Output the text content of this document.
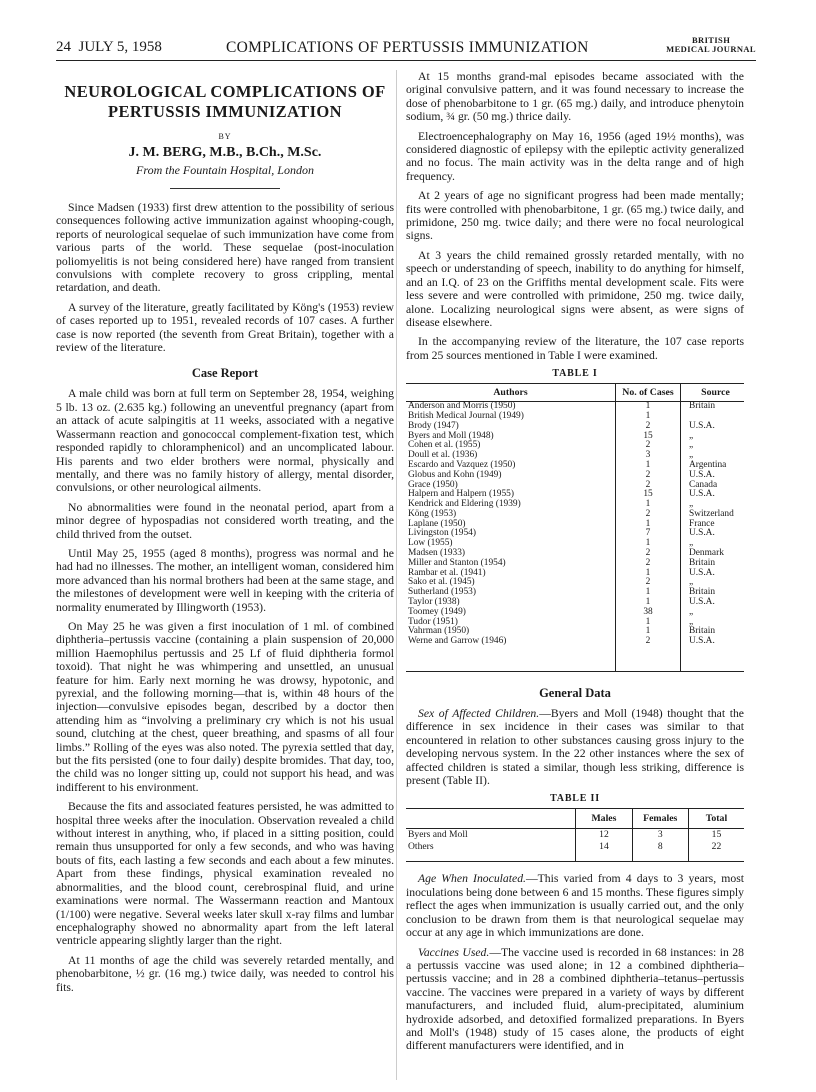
24 JULY 5, 1958	COMPLICATIONS OF PERTUSSIS IMMUNIZATION	BRITISH
MEDICAL JOURNAL
NEUROLOGICAL COMPLICATIONS OF
PERTUSSIS IMMUNIZATION
BY
J. M. BERG, M.B., B.Ch., M.Sc.
From the Fountain Hospital, London

Since Madsen (1933) first drew attention to the possibility of serious consequences following active immunization against whooping-cough, reports of neurological sequelae of such immunization have come from various parts of the world. These sequelae (post-inoculation poliomyelitis is not being considered here) have ranged from transient convulsions with complete recovery to gross crippling, mental retardation, and death.

A survey of the literature, greatly facilitated by Köng's (1953) review of cases reported up to 1951, revealed records of 107 cases. A further case is now reported (the seventh from Great Britain), together with a review of the literature.

Case Report

A male child was born at full term on September 28, 1954, weighing 5 lb. 13 oz. (2.635 kg.) following an uneventful pregnancy (apart from an attack of acute salpingitis at 11 weeks, associated with a negative Wassermann reaction and gonococcal complement-fixation test, which responded rapidly to chloramphenicol) and an uncomplicated labour. His parents and two elder brothers were normal, physically and mentally, and there was no family history of allergy, mental disorder, convulsions, or other neurological ailments.

No abnormalities were found in the neonatal period, apart from a minor degree of hypospadias not considered worth treating, and the child thrived from the outset.

Until May 25, 1955 (aged 8 months), progress was normal and he had had no illnesses. The mother, an intelligent woman, considered him more advanced than his normal brothers had been at the same stage, and the milestones of development were well in keeping with the criteria of normality enumerated by Illingworth (1953).

On May 25 he was given a first inoculation of 1 ml. of combined diphtheria–pertussis vaccine (containing a plain suspension of 20,000 million Haemophilus pertussis and 25 Lf of fluid diphtheria formol toxoid). That night he was whimpering and unsettled, an unusual feature for him. Early next morning he was drowsy, hypotonic, and pyrexial, and the following morning—that is, within 48 hours of the injection—convulsive episodes began, described by a doctor then attending him as “involving a preliminary cry which is not his usual sound, clutching at the chest, queer breathing, and spasms of all four limbs.” Rolling of the eyes was also noted. The pyrexia settled that day, but the fits persisted (one to four daily) despite bromides. That day, too, the child was no longer sitting up, could not support his head, and was indifferent to his environment.

Because the fits and associated features persisted, he was admitted to hospital three weeks after the inoculation. Observation revealed a child without interest in anything, who, if placed in a sitting position, could remain thus unsupported for only a few seconds, and who was having bouts of fits, each lasting a few seconds and each about a few minutes. Apart from these findings, physical examination revealed no abnormalities, and the blood count, cerebrospinal fluid, and urine examinations were normal. The Wassermann reaction and Mantoux (1/100) were negative. Several weeks later skull x-ray films and lumbar encephalography showed no abnormality apart from the left lateral ventricle appearing slightly larger than the right.

At 11 months of age the child was severely retarded mentally, and phenobarbitone, ½ gr. (16 mg.) twice daily, was needed to control his fits.

At 15 months grand-mal episodes became associated with the original convulsive pattern, and it was found necessary to increase the dose of phenobarbitone to 1 gr. (65 mg.) daily, and introduce phenytoin sodium, ¾ gr. (50 mg.) thrice daily.

Electroencephalography on May 16, 1956 (aged 19½ months), was considered diagnostic of epilepsy with the epileptic activity generalized and no focus. The main activity was in the delta range and of high frequency.

At 2 years of age no significant progress had been made mentally; fits were controlled with phenobarbitone, 1 gr. (65 mg.) twice daily, and primidone, 250 mg. twice daily; and there were no focal neurological signs.

At 3 years the child remained grossly retarded mentally, with no speech or understanding of speech, inability to do anything for himself, and an I.Q. of 23 on the Griffiths mental development scale. Fits were less severe and were controlled with primidone, 250 mg. twice daily, alone. Localizing neurological signs were absent, as were signs of disease elsewhere.

In the accompanying review of the literature, the 107 case reports from 25 sources mentioned in Table I were examined.

TABLE I
Authors	No. of Cases	Source
Anderson and Morris (1950)	1	Britain
British Medical Journal (1949)	1	
Brody (1947)	2	U.S.A.
Byers and Moll (1948)	15	„
Cohen et al. (1955)	2	„
Doull et al. (1936)	3	„
Escardo and Vazquez (1950)	1	Argentina
Globus and Kohn (1949)	2	U.S.A.
Grace (1950)	2	Canada
Halpern and Halpern (1955)	15	U.S.A.
Kendrick and Eldering (1939)	1	„
Köng (1953)	2	Switzerland
Laplane (1950)	1	France
Livingston (1954)	7	U.S.A.
Low (1955)	1	„
Madsen (1933)	2	Denmark
Miller and Stanton (1954)	2	Britain
Rambar et al. (1941)	1	U.S.A.
Sako et al. (1945)	2	„
Sutherland (1953)	1	Britain
Taylor (1938)	1	U.S.A.
Toomey (1949)	38	„
Tudor (1951)	1	„
Vahrman (1950)	1	Britain
Werne and Garrow (1946)	2	U.S.A.

General Data

Sex of Affected Children.—Byers and Moll (1948) thought that the difference in sex incidence in their cases was similar to that encountered in relation to other substances causing gross injury to the developing nervous system. In the 22 other instances where the sex of affected children is stated a similar, though less striking, difference is present (Table II).

TABLE II
	Males	Females	Total
Byers and Moll	12	3	15
Others	14	8	22

Age When Inoculated.—This varied from 4 days to 3 years, most inoculations being done between 6 and 15 months. These figures simply reflect the ages when immunization is usually carried out, and the only conclusion to be drawn from them is that neurological sequelae may occur at any age in which immunizations are done.

Vaccines Used.—The vaccine used is recorded in 68 instances: in 28 a pertussis vaccine was used alone; in 12 a combined diphtheria–pertussis vaccine; and in 28 a combined diphtheria–tetanus–pertussis vaccine. The vaccines were prepared in a variety of ways by different manufacturers, and included fluid, alum-precipitated, aluminium hydroxide adsorbed, and detoxified formalized preparations. In Byers and Moll's (1948) study of 15 cases alone, the products of eight different manufacturers were identified, and in
